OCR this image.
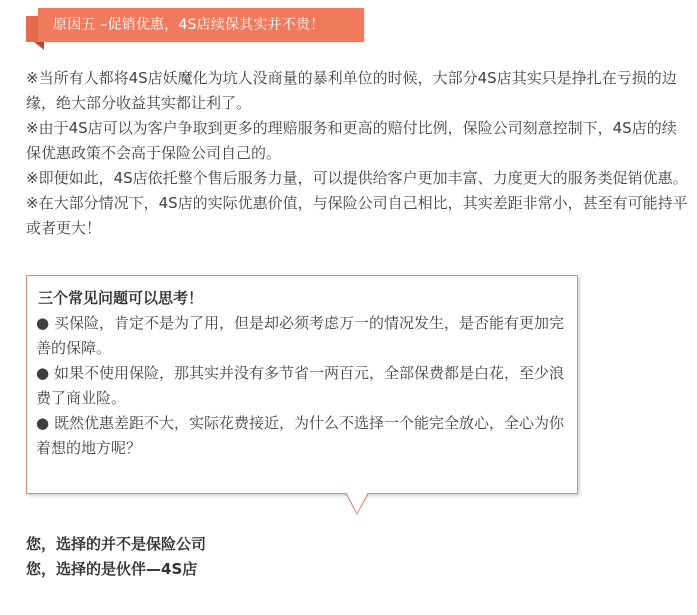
原因五 –促销优惠，4S店续保其实并不贵！

※当所有人都将4S店妖魔化为坑人没商量的暴利单位的时候，大部分4S店其实只是挣扎在亏损的边缘，绝大部分收益其实都让利了。

※由于4S店可以为客户争取到更多的理赔服务和更高的赔付比例，保险公司刻意控制下，4S店的续保优惠政策不会高于保险公司自己的。

※即便如此，4S店依托整个售后服务力量，可以提供给客户更加丰富、力度更大的服务类促销优惠。

※在大部分情况下，4S店的实际优惠价值，与保险公司自己相比，其实差距非常小，甚至有可能持平或者更大！

三个常见问题可以思考！
● 买保险，肯定不是为了用，但是却必须考虑万一的情况发生，是否能有更加完善的保障。
● 如果不使用保险，那其实并没有多节省一两百元，全部保费都是白花，至少浪费了商业险。
● 既然优惠差距不大，实际花费接近，为什么不选择一个能完全放心，全心为你着想的地方呢？
您，选择的并不是保险公司
您，选择的是伙伴—4S店
